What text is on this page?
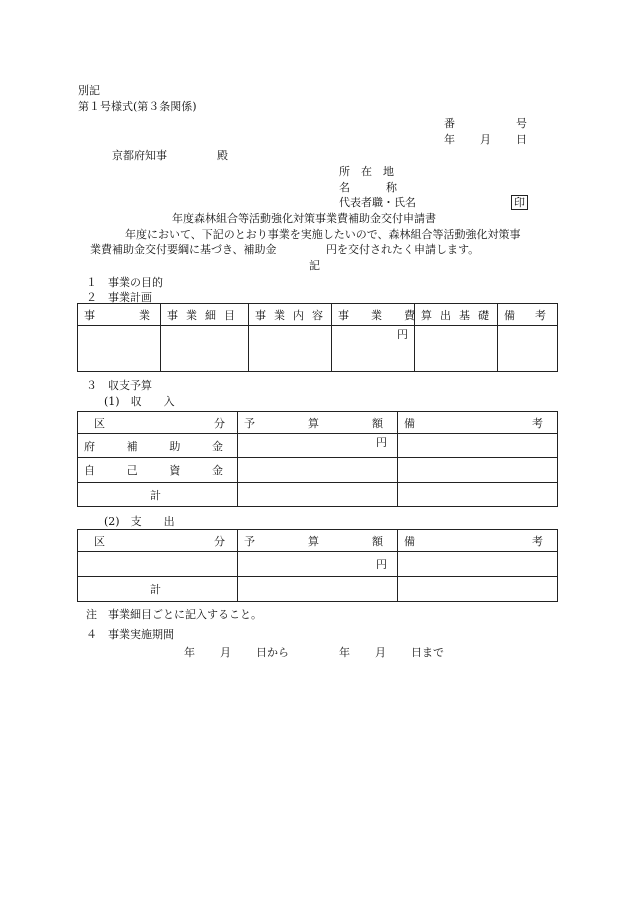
別記
第１号様式(第３条関係)
番	号
年 月 日
京都府知事	殿
所　在　地
名	称
代表者職・氏名	印
年度森林組合等活動強化対策事業費補助金交付申請書
年度において、下記のとおり事業を実施したいので、森林組合等活動強化対策事
業費補助金交付要綱に基づき、補助金	円を交付されたく申請します。
記
１　事業の目的
２　事業計画
事 業	事業細目	事業内容	事業費	算出基礎	備考
			円		
３　収支予算
(1)　収　　入
区 分	予 算 額	備 考

府 補 助 金	円	

自 己 資 金		

計		
(2)　支　　出
区 分	予 算 額	備 考

	円	
計		
注　事業細目ごとに記入すること。
４　事業実施期間
年 月 日から	年 月 日まで
